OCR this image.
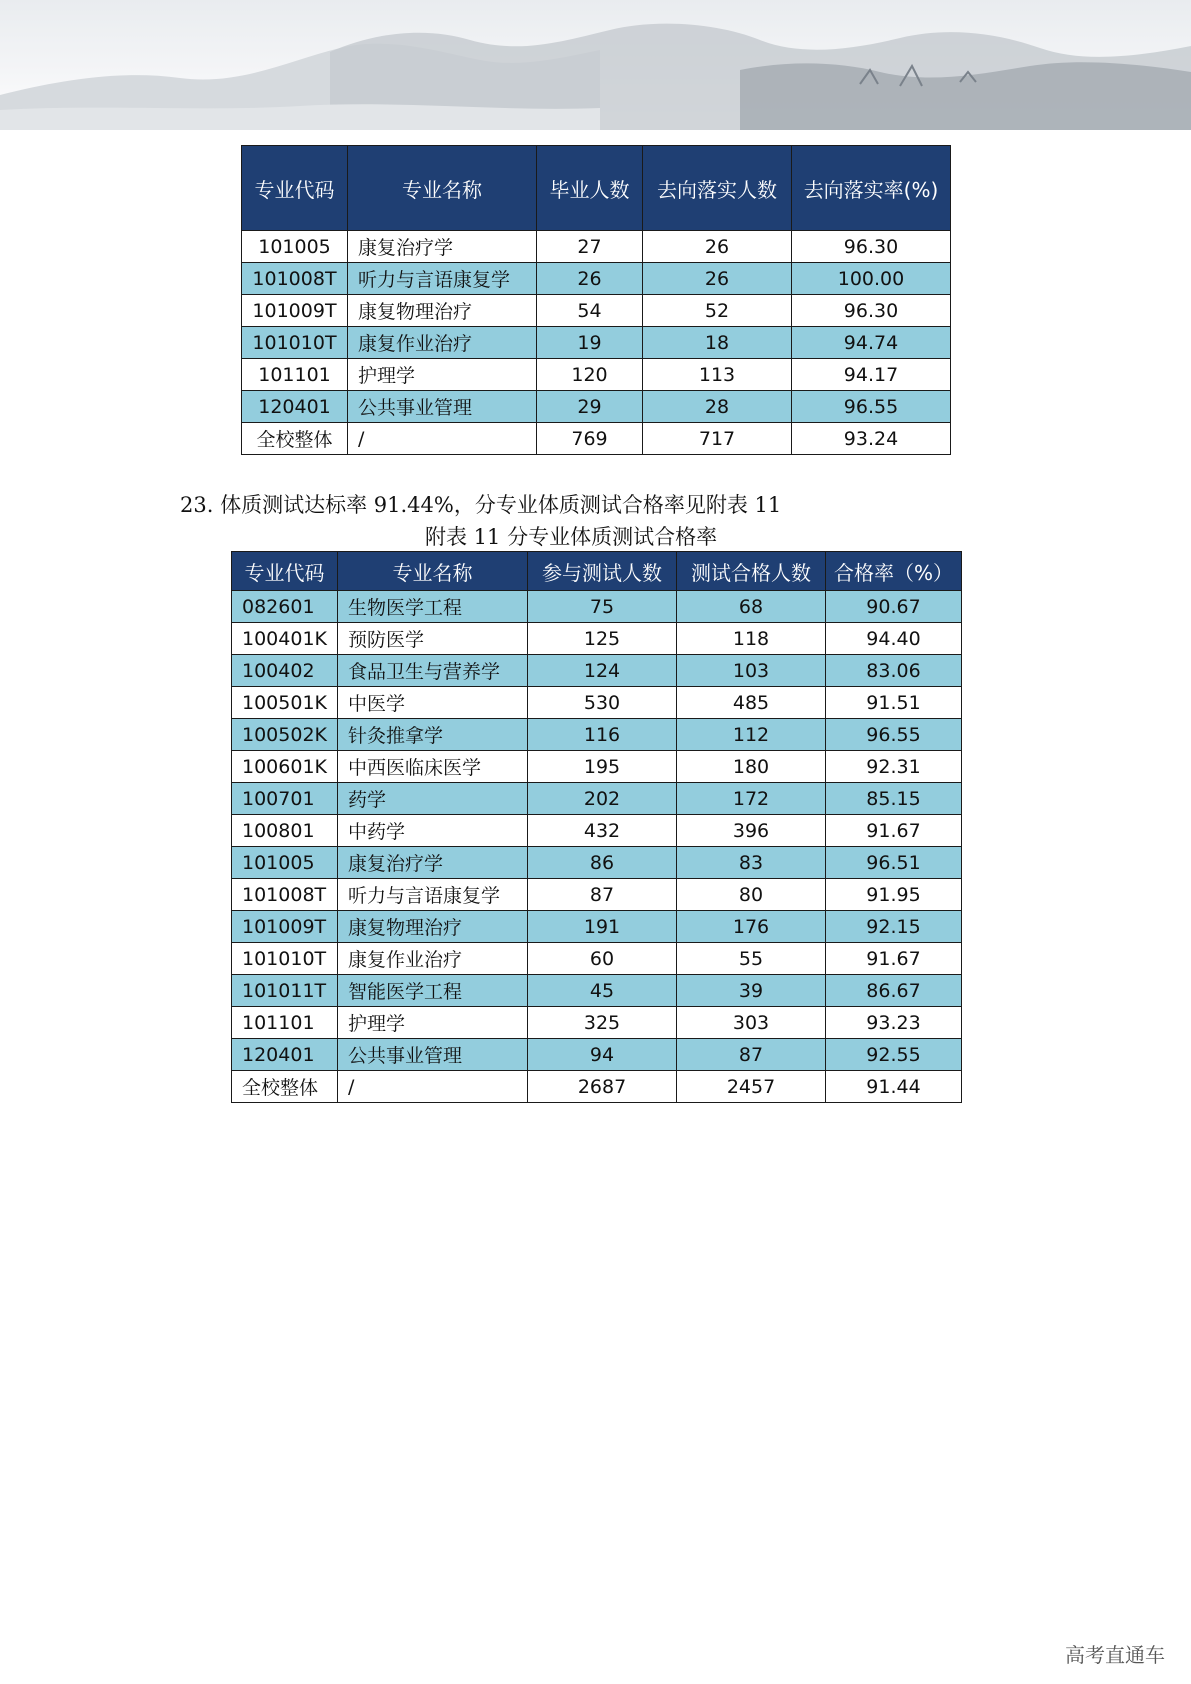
专业代码	专业名称	毕业人数	去向落实人数	去向落实率(%)
101005	康复治疗学	27	26	96.30
101008T	听力与言语康复学	26	26	100.00
101009T	康复物理治疗	54	52	96.30
101010T	康复作业治疗	19	18	94.74
101101	护理学	120	113	94.17
120401	公共事业管理	29	28	96.55
全校整体	/	769	717	93.24
23. 体质测试达标率 91.44%，分专业体质测试合格率见附表 11
附表 11 分专业体质测试合格率
专业代码	专业名称	参与测试人数	测试合格人数	合格率（%）
082601	生物医学工程	75	68	90.67
100401K	预防医学	125	118	94.40
100402	食品卫生与营养学	124	103	83.06
100501K	中医学	530	485	91.51
100502K	针灸推拿学	116	112	96.55
100601K	中西医临床医学	195	180	92.31
100701	药学	202	172	85.15
100801	中药学	432	396	91.67
101005	康复治疗学	86	83	96.51
101008T	听力与言语康复学	87	80	91.95
101009T	康复物理治疗	191	176	92.15
101010T	康复作业治疗	60	55	91.67
101011T	智能医学工程	45	39	86.67
101101	护理学	325	303	93.23
120401	公共事业管理	94	87	92.55
全校整体	/	2687	2457	91.44
高考直通车
